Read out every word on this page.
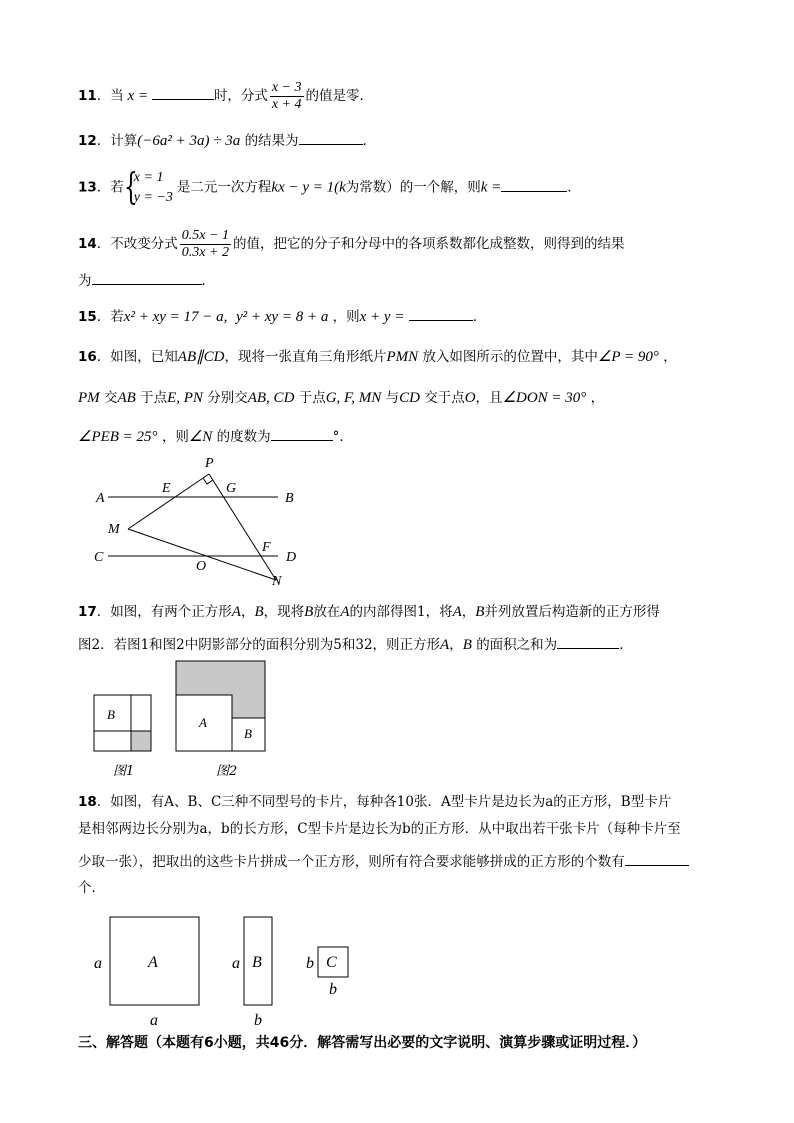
11．当 x =	时，分式 $\frac{x - 3}{x + 4}$ 的值是零．
12．计算(−6a² + 3a) ÷ 3a 的结果为	．
13．若 {
x = 1
y = −3
是二元一次方程kx − y = 1(k为常数）的一个解，则k =	．
14．不改变分式 $\frac{0.5x - 1}{0.3x + 2}$ 的值，把它的分子和分母中的各项系数都化成整数，则得到的结果
为	．
15．若x² + xy = 17 − a, y² + xy = 8 + a ，则x + y =	．
16．如图，已知AB∥CD，现将一张直角三角形纸片PMN 放入如图所示的位置中，其中∠P = 90° ，
PM 交AB 于点E, PN 分别交AB, CD 于点G, F, MN 与CD 交于点O，且∠DON = 30° ，
∠PEB = 25° ，则∠N 的度数为	°．
P
A
E	G
B
M
C
F
D
O
N
17．如图，有两个正方形A，B，现将B放在A的内部得图1，将A，B并列放置后构造新的正方形得
图2．若图1和图2中阴影部分的面积分别为5和32，则正方形A，B 的面积之和为	．
B
A
B
图1	图2
18．如图，有A、B、C三种不同型号的卡片，每种各10张．A型卡片是边长为a的正方形，B型卡片
是相邻两边长分别为a，b的长方形，C型卡片是边长为b的正方形．从中取出若干张卡片（每种卡片至
少取一张），把取出的这些卡片拼成一个正方形，则所有符合要求能够拼成的正方形的个数有
个．
A
a
a
B
a
b
C
b
b
三、解答题（本题有6小题，共46分．解答需写出必要的文字说明、演算步骤或证明过程．）
